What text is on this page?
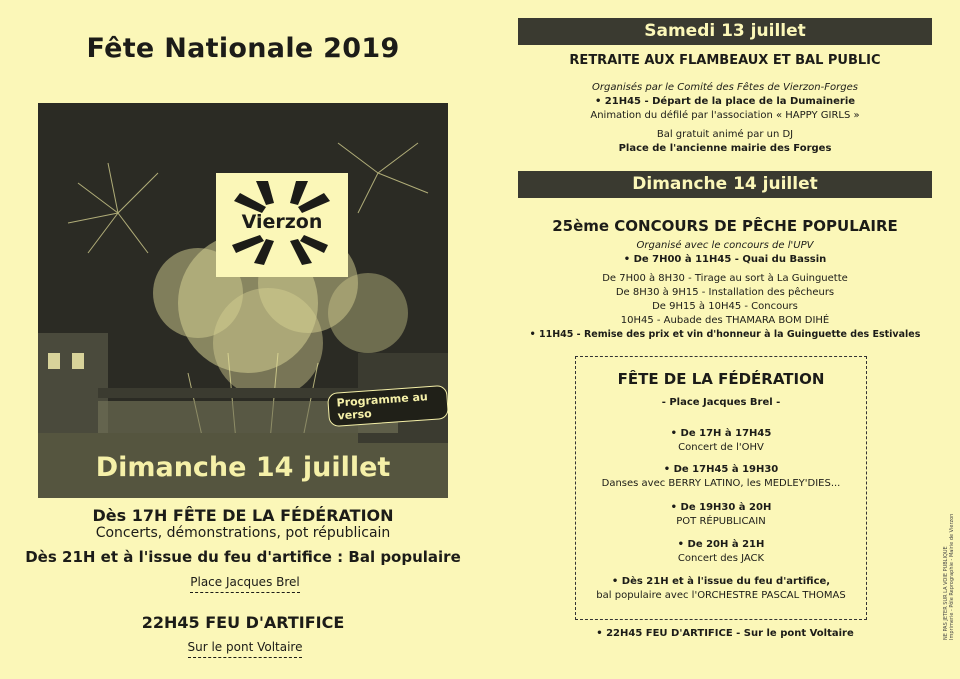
Fête Nationale 2019
Vierzon
Programme au verso
Dimanche 14 juillet
Dès 17H FÊTE DE LA FÉDÉRATION
Concerts, démonstrations, pot républicain
Dès 21H et à l'issue du feu d'artifice : Bal populaire
Place Jacques Brel
22H45 FEU D'ARTIFICE
Sur le pont Voltaire
Samedi 13 juillet
RETRAITE AUX FLAMBEAUX ET BAL PUBLIC
Organisés par le Comité des Fêtes de Vierzon-Forges
• 21H45 - Départ de la place de la Dumainerie
Animation du défilé par l'association « HAPPY GIRLS »
Bal gratuit animé par un DJ
Place de l'ancienne mairie des Forges
Dimanche 14 juillet
25ème CONCOURS DE PÊCHE POPULAIRE
Organisé avec le concours de l'UPV
• De 7H00 à 11H45 - Quai du Bassin
De 7H00 à 8H30 - Tirage au sort à La Guinguette
De 8H30 à 9H15 - Installation des pêcheurs
De 9H15 à 10H45 - Concours
10H45 - Aubade des THAMARA BOM DIHÉ
• 11H45 - Remise des prix et vin d'honneur à la Guinguette des Estivales
FÊTE DE LA FÉDÉRATION
- Place Jacques Brel -
• De 17H à 17H45
Concert de l'OHV
• De 17H45 à 19H30
Danses avec BERRY LATINO, les MEDLEY'DIES...
• De 19H30 à 20H
POT RÉPUBLICAIN
• De 20H à 21H
Concert des JACK
• Dès 21H et à l'issue du feu d'artifice,
bal populaire avec l'ORCHESTRE PASCAL THOMAS
• 22H45 FEU D'ARTIFICE - Sur le pont Voltaire	NE PAS JETER SUR LA VOIE PUBLIQUE Imprimerie - Pôle Reprographie - Mairie de Vierzon
